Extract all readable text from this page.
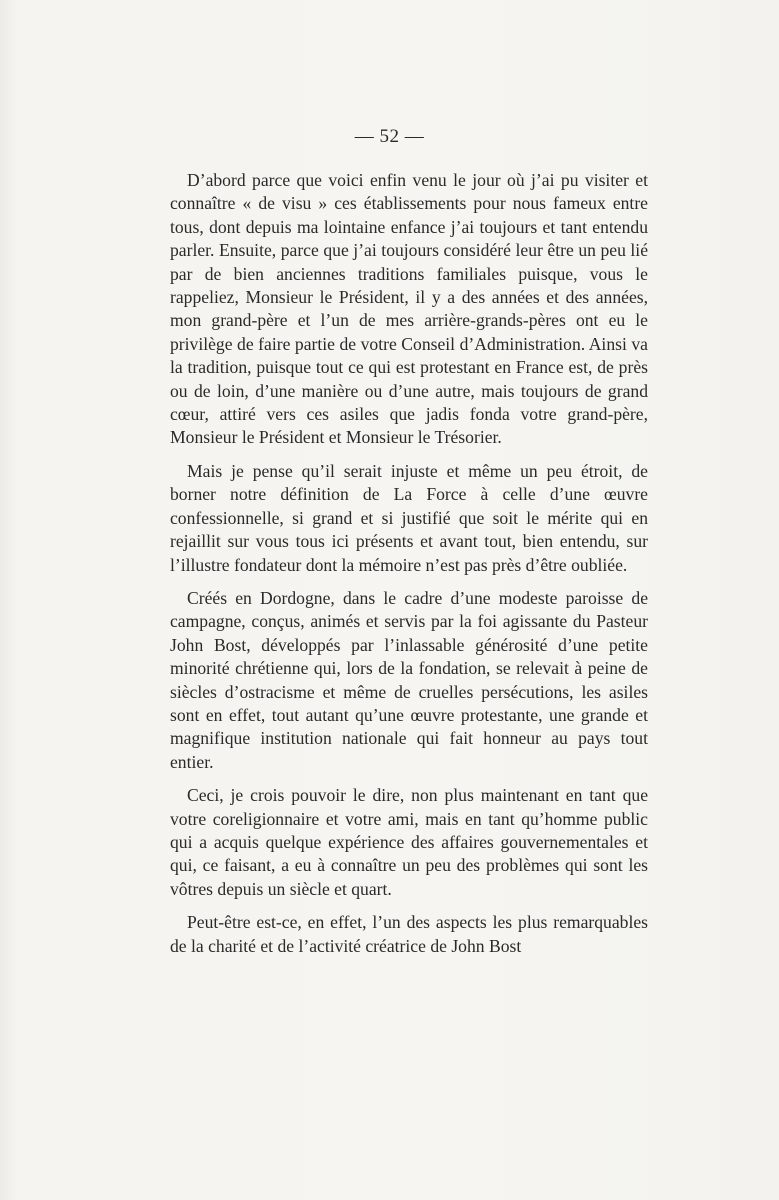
— 52 —

D’abord parce que voici enfin venu le jour où j’ai pu visiter et connaître « de visu » ces établissements pour nous fameux entre tous, dont depuis ma lointaine enfance j’ai toujours et tant entendu parler. Ensuite, parce que j’ai toujours considéré leur être un peu lié par de bien anciennes traditions familiales puisque, vous le rappeliez, Monsieur le Président, il y a des années et des années, mon grand-père et l’un de mes arrière-grands-pères ont eu le privilège de faire partie de votre Conseil d’Administration. Ainsi va la tradition, puisque tout ce qui est protestant en France est, de près ou de loin, d’une manière ou d’une autre, mais toujours de grand cœur, attiré vers ces asiles que jadis fonda votre grand-père, Monsieur le Président et Monsieur le Trésorier.

Mais je pense qu’il serait injuste et même un peu étroit, de borner notre définition de La Force à celle d’une œuvre confessionnelle, si grand et si justifié que soit le mérite qui en rejaillit sur vous tous ici présents et avant tout, bien entendu, sur l’illustre fondateur dont la mémoire n’est pas près d’être oubliée.

Créés en Dordogne, dans le cadre d’une modeste paroisse de campagne, conçus, animés et servis par la foi agissante du Pasteur John Bost, développés par l’inlassable générosité d’une petite minorité chrétienne qui, lors de la fondation, se relevait à peine de siècles d’ostracisme et même de cruelles persécutions, les asiles sont en effet, tout autant qu’une œuvre protestante, une grande et magnifique institution nationale qui fait honneur au pays tout entier.

Ceci, je crois pouvoir le dire, non plus maintenant en tant que votre coreligionnaire et votre ami, mais en tant qu’homme public qui a acquis quelque expérience des affaires gouvernementales et qui, ce faisant, a eu à connaître un peu des problèmes qui sont les vôtres depuis un siècle et quart.

Peut-être est-ce, en effet, l’un des aspects les plus remarquables de la charité et de l’activité créatrice de John Bost
